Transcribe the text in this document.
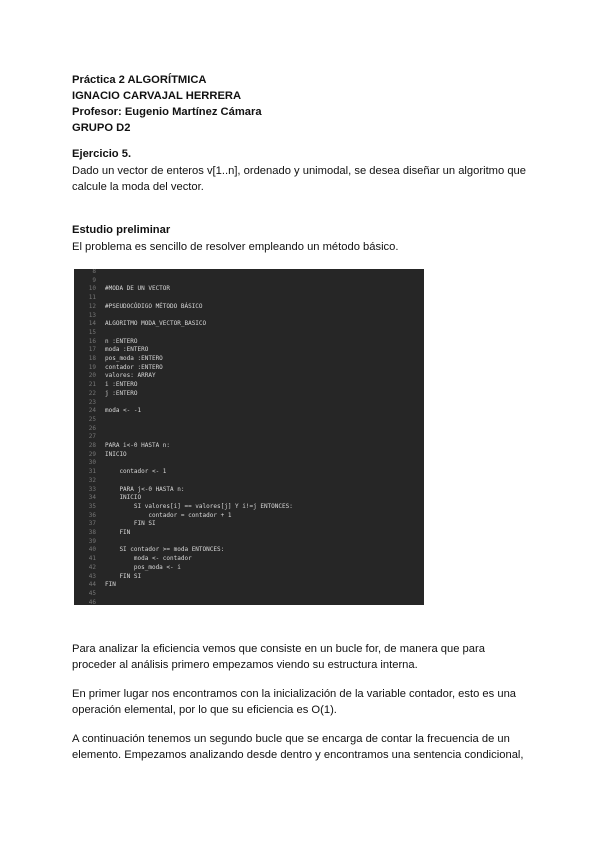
Práctica 2 ALGORÍTMICA
IGNACIO CARVAJAL HERRERA
Profesor: Eugenio Martínez Cámara
GRUPO D2
Ejercicio 5.
Dado un vector de enteros v[1..n], ordenado y unimodal, se desea diseñar un algoritmo que
calcule la moda del vector.
Estudio preliminar
El problema es sencillo de resolver empleando un método básico.
8
9
10 #MODA DE UN VECTOR
11
12 #PSEUDOCÓDIGO MÉTODO BÁSICO
13
14 ALGORITMO MODA_VECTOR_BASICO
15
16 n :ENTERO
17 moda :ENTERO
18 pos_moda :ENTERO
19 contador :ENTERO
20 valores: ARRAY
21 i :ENTERO
22 j :ENTERO
23
24 moda <- -1
25
26
27
28 PARA i<-0 HASTA n:
29 INICIO
30
31 contador <- 1
32
33 PARA j<-0 HASTA n:
34 INICIO
35 SI valores[i] == valores[j] Y i!=j ENTONCES:
36 contador = contador + 1
37 FIN SI
38 FIN
39
40 SI contador >= moda ENTONCES:
41 moda <- contador
42 pos_moda <- i
43 FIN SI
44 FIN
45
46
Para analizar la eficiencia vemos que consiste en un bucle for, de manera que para
proceder al análisis primero empezamos viendo su estructura interna.
En primer lugar nos encontramos con la inicialización de la variable contador, esto es una
operación elemental, por lo que su eficiencia es O(1).
A continuación tenemos un segundo bucle que se encarga de contar la frecuencia de un
elemento. Empezamos analizando desde dentro y encontramos una sentencia condicional,
